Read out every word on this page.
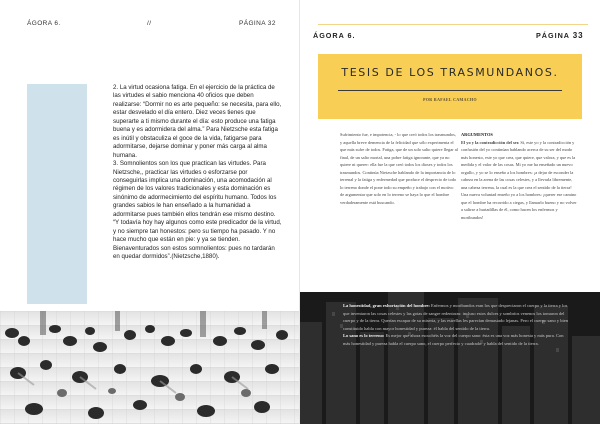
ÁGORA 6.	//	PÁGINA 32

2. La virtud ocasiona fatiga. En el ejercicio de la práctica de las virtudes el sabio menciona 40 oficios que deben realizarse: “Dormir no es arte pequeño: se necesita, para ello, estar desvelado el día entero. Diez veces tienes que superarte a ti mismo durante el día: esto produce una fatiga buena y es adormidera del alma.” Para Nietzsche esta fatiga es inútil y obstaculiza el goce de la vida, fatigarse para adormitarse, dejarse dominar y poner más carga al alma humana.

3. Somnolientos son los que practican las virtudes. Para Nietzsche,, practicar las virtudes o esforzarse por conseguirlas implica una dominación, una acomodación al régimen de los valores tradicionales y esta dominación es sinónimo de adormecimiento del espíritu humano. Todos los grandes sabios le han enseñado a la humanidad a adormitarse pues también ellos tendrán ese mismo destino. “Y todavía hoy hay algunos como este predicador de la virtud, y no siempre tan honestos: pero su tiempo ha pasado. Y no hace mucho que están en pie: y ya se tienden. Bienaventurados son estos somnolientos: pues no tardarán en quedar dormidos”.(Nietzsche,1880).

ÁGORA 6.	PÁGINA 33
TESIS DE LOS TRASMUNDANOS.
POR RAFAEL CAMACHO

Sufrimiento fue, e impotencia, - lo que creó todos los trasmundos, y aquella breve demencia de la felicidad que sólo experimenta el que más sufre de todos. Fatiga, que de un solo salto quiere llegar al final, de un salto mortal, una pobre fatiga ignorante, que ya no quiere ni querer: ella fue la que creó todos los dioses y todos los trasmundos. Continúa Nietzsche hablando de la importancia de lo terrenal y la fatiga y enfermedad que produce el desprecio de todo lo terreno donde el pone todo su empeño y trabajo con el motivo de argumentar que solo en lo terreno se haya lo que el hombre verdaderamente está buscando.

ARGUMENTOS

El yo y la contradicción del ser. Sí, este yo y la contradicción y confusión del yo continúan hablando acerca de su ser del modo más honesto, este yo que crea, que quiere, que valora, y que es la medida y el valor de las cosas. Mi yo me ha enseñado un nuevo orgullo, y yo se lo enseño a los hombres: ¡a dejar de esconder la cabeza en la arena de las cosas celestes, y a llevarla libremente, una cabeza terrena, la cual es la que crea el sentido de la tierra! Una nueva voluntad enseño yo a los hombres: ¡querer ese camino que el hombre ha recorrido a ciegas, y llamarlo bueno y no volver a salirse a hurtadillas de él, como hacen los enfermos y moribundos!

La honestidad, gran exhortación del hombre: Enfermos y moribundos eran los que despreciaron el cuerpo y la tierra y los que inventaron las cosas celestes y las gotas de sangre redentoras: incluso estos dulces y sombríos venenos los tomaron del cuerpo y de la tierra. Querían escapar de su miseria, y las estrellas les parecían demasiado lejanas. Pero el cuerpo sano y bien constituido habla con mayor honestidad y pureza: él habla del sentido de la tierra.

Lo sano es lo terreno: Es mejor que ahora escuchéis la voz del cuerpo sano: ésta es una voz más honesta y más pura. Con más honestidad y pureza habla el cuerpo sano, el cuerpo perfecto y cuadrado: y habla del sentido de la tierra.
